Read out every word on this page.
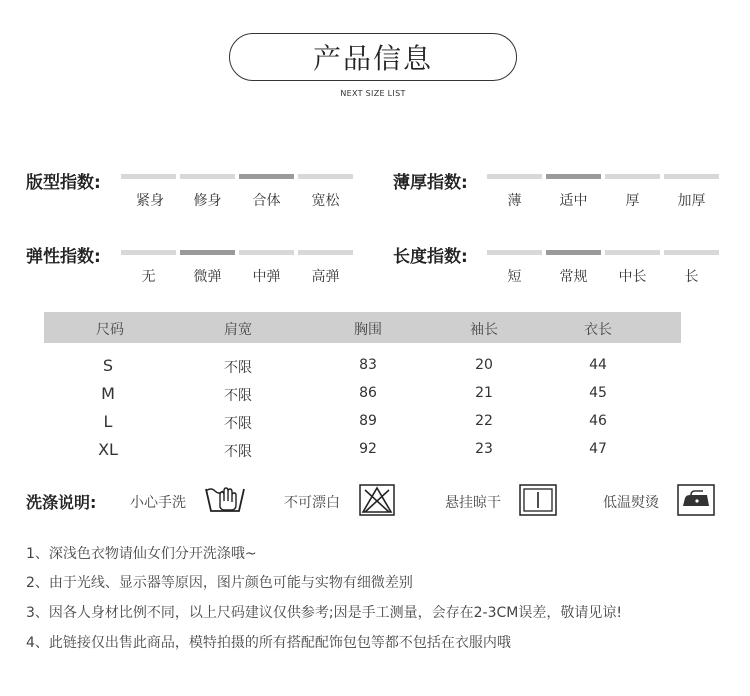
产品信息
NEXT SIZE LIST
版型指数:
紧身	修身	合体	宽松
薄厚指数:
薄	适中	厚	加厚
弹性指数:
无	微弹	中弹	高弹
长度指数:
短	常规	中长	长
尺码	肩宽	胸围	袖长	衣长
S	不限	83	20	44
M	不限	86	21	45
L	不限	89	22	46
XL	不限	92	23	47
洗涤说明: 小心手洗	不可漂白	悬挂晾干	低温熨烫
1、深浅色衣物请仙女们分开洗涤哦~
2、由于光线、显示器等原因，图片颜色可能与实物有细微差别
3、因各人身材比例不同，以上尺码建议仅供参考;因是手工测量，会存在2-3CM误差，敬请见谅!
4、此链接仅出售此商品，模特拍摄的所有搭配配饰包包等都不包括在衣服内哦
